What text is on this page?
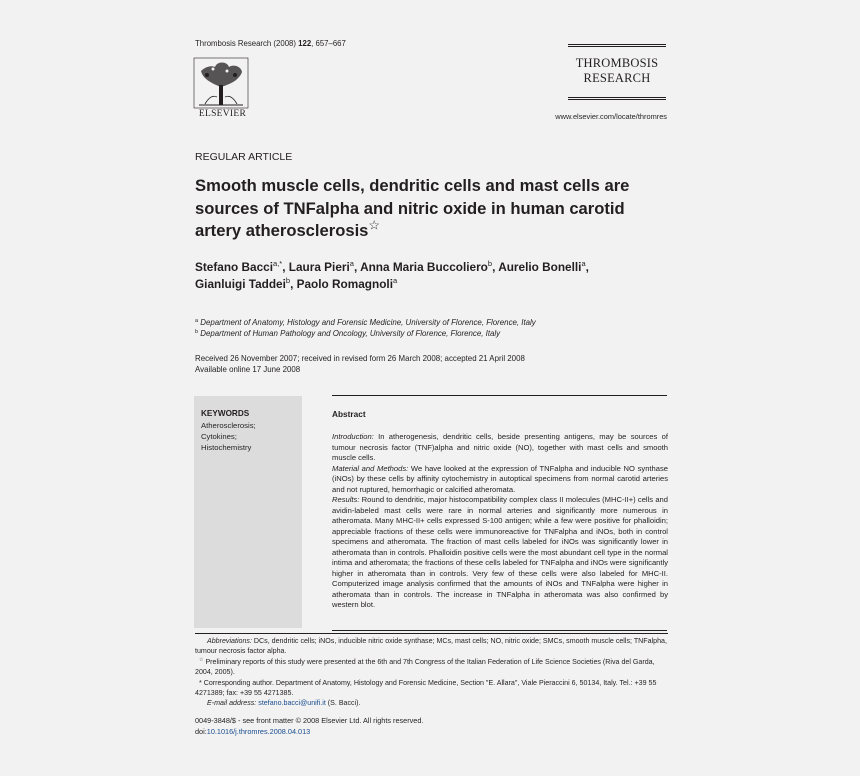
Thrombosis Research (2008) 122, 657–667
ELSEVIER
THROMBOSIS
RESEARCH
www.elsevier.com/locate/thromres
REGULAR ARTICLE
Smooth muscle cells, dendritic cells and mast cells are sources of TNFalpha and nitric oxide in human carotid artery atherosclerosis☆
Stefano Bacci$^{a,*}$, Laura Pieri$^a$, Anna Maria Buccoliero$^b$, Aurelio Bonelli$^a$,
Gianluigi Taddei$^b$, Paolo Romagnoli$^a$
$^a$ Department of Anatomy, Histology and Forensic Medicine, University of Florence, Florence, Italy
$^b$ Department of Human Pathology and Oncology, University of Florence, Florence, Italy
Received 26 November 2007; received in revised form 26 March 2008; accepted 21 April 2008
Available online 17 June 2008
KEYWORDS
Atherosclerosis;
Cytokines;
Histochemistry
Abstract

Introduction: In atherogenesis, dendritic cells, beside presenting antigens, may be sources of tumour necrosis factor (TNF)alpha and nitric oxide (NO), together with mast cells and smooth muscle cells.

Material and Methods: We have looked at the expression of TNFalpha and inducible NO synthase (iNOs) by these cells by affinity cytochemistry in autoptical specimens from normal carotid arteries and not ruptured, hemorrhagic or calcified atheromata.

Results: Round to dendritic, major histocompatibility complex class II molecules (MHC-II+) cells and avidin-labeled mast cells were rare in normal arteries and significantly more numerous in atheromata. Many MHC-II+ cells expressed S-100 antigen; while a few were positive for phalloidin; appreciable fractions of these cells were immunoreactive for TNFalpha and iNOs, both in control specimens and atheromata. The fraction of mast cells labeled for iNOs was significantly lower in atheromata than in controls. Phalloidin positive cells were the most abundant cell type in the normal intima and atheromata; the fractions of these cells labeled for TNFalpha and iNOs were significantly higher in atheromata than in controls. Very few of these cells were also labeled for MHC-II. Computerized image analysis confirmed that the amounts of iNOs and TNFalpha were higher in atheromata than in controls. The increase in TNFalpha in atheromata was also confirmed by western blot.

Abbreviations: DCs, dendritic cells; iNOs, inducible nitric oxide synthase; MCs, mast cells; NO, nitric oxide; SMCs, smooth muscle cells; TNFalpha, tumour necrosis factor alpha.
☆ Preliminary reports of this study were presented at the 6th and 7th Congress of the Italian Federation of Life Science Societies (Riva del Garda, 2004, 2005).
* Corresponding author. Department of Anatomy, Histology and Forensic Medicine, Section "E. Allara", Viale Pieraccini 6, 50134, Italy. Tel.: +39 55 4271389; fax: +39 55 4271385.
E-mail address: stefano.bacci@unifi.it (S. Bacci).
0049-3848/$ - see front matter © 2008 Elsevier Ltd. All rights reserved.
doi:10.1016/j.thromres.2008.04.013
